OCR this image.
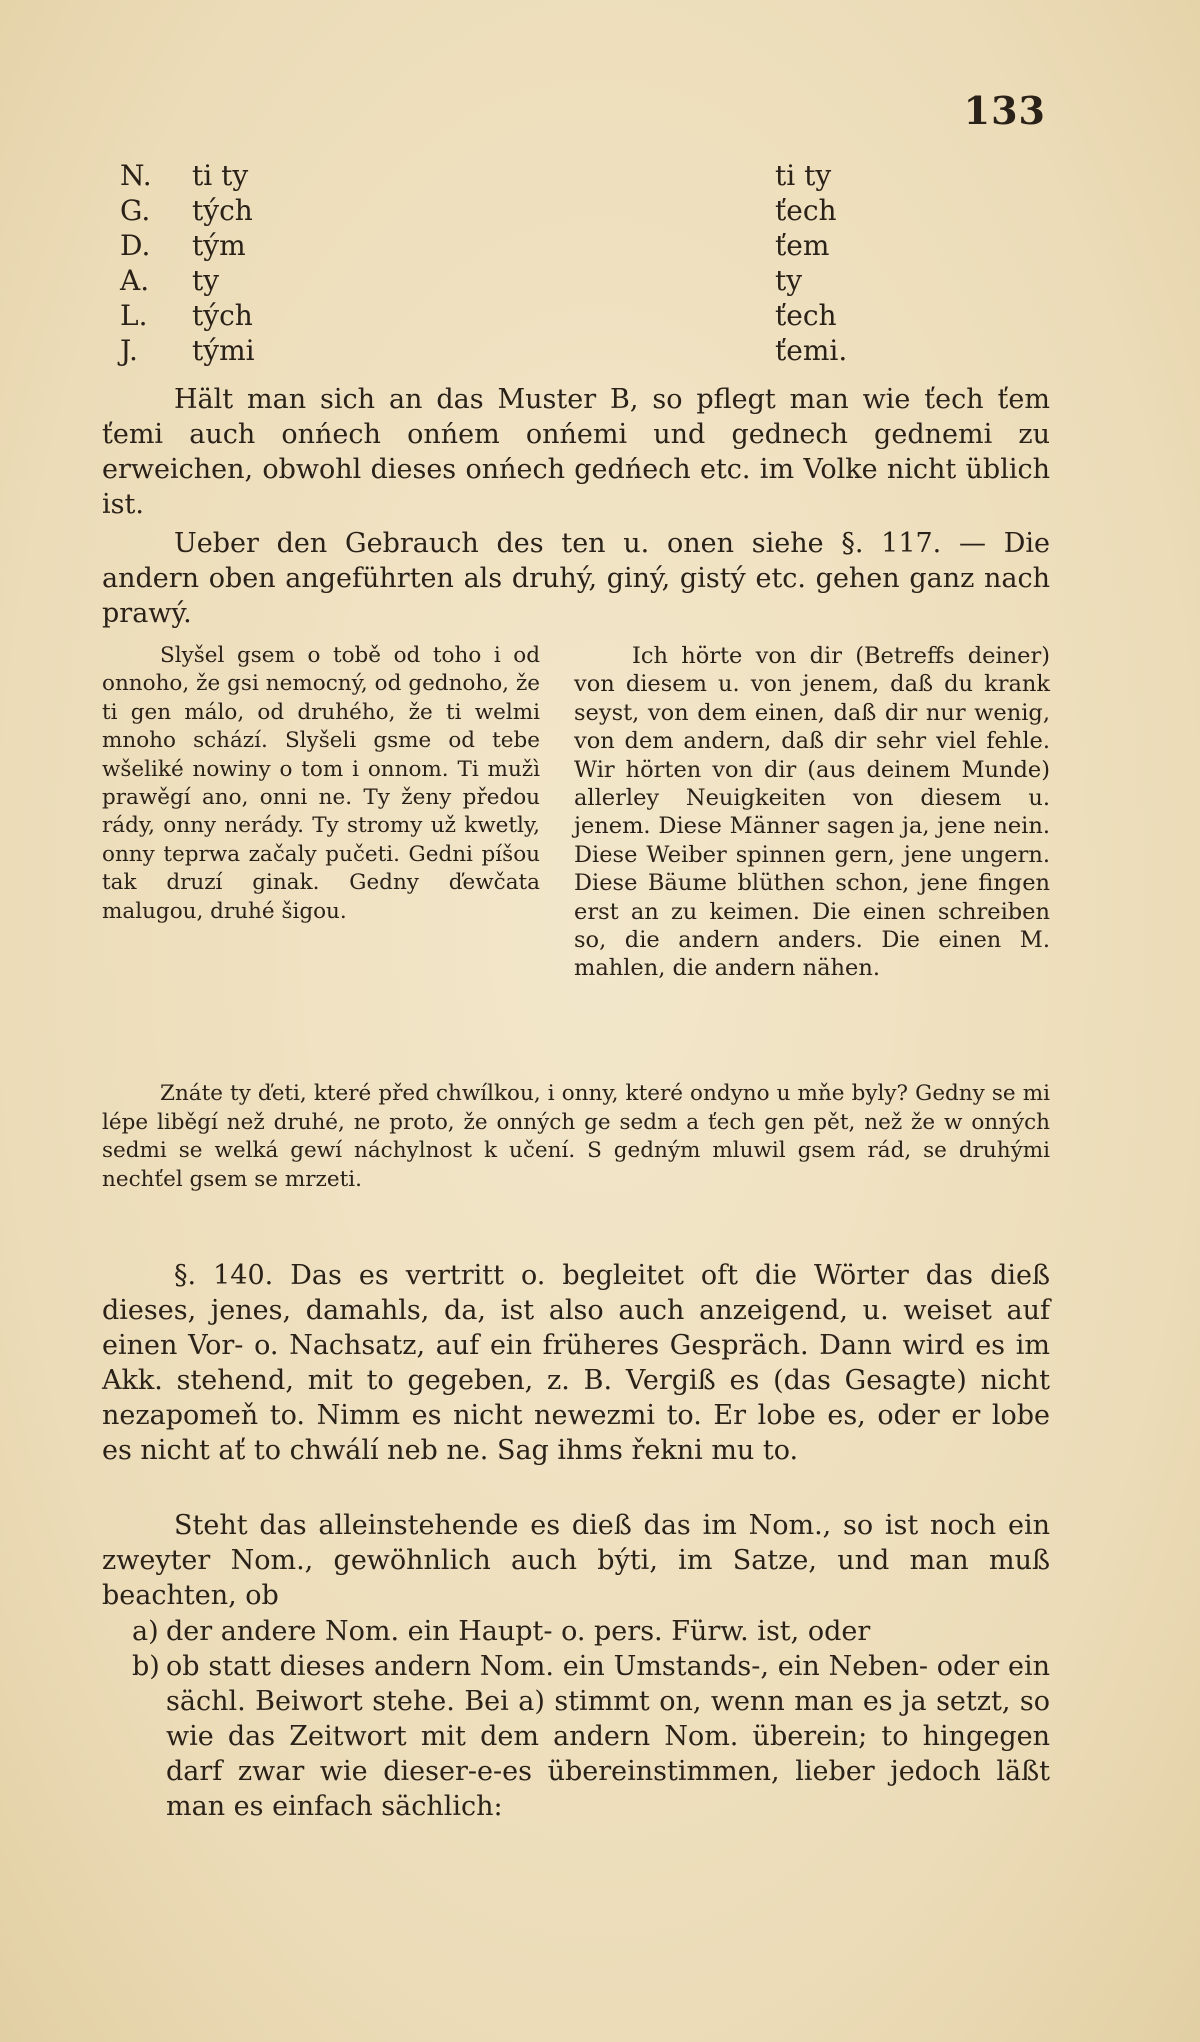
133
N. ti ty	ti ty
G.	tých	ťech
D.	tým	ťem
A.	ty	ty
L.	tých	ťech
J.	tými	ťemi.
Hält man sich an das Muster B, so pflegt man wie ťech ťem ťemi auch onńech onńem onńemi und gednech gednemi zu erweichen, obwohl dieses onńech gedńech etc. im Volke nicht üblich ist.
Ueber den Gebrauch des ten u. onen siehe §. 117. — Die andern oben angeführten als druhý, giný, gistý etc. gehen ganz nach prawý.

Slyšel gsem o tobě od toho i od onnoho, že gsi nemocný, od gednoho, že ti gen málo, od druhého, že ti welmi mnoho schází. Slyšeli gsme od tebe wšeliké nowiny o tom i onnom. Ti mužì prawěgí ano, onni ne. Ty ženy předou rády, onny nerády. Ty stromy už kwetly, onny teprwa začaly pučeti. Gedni píšou tak druzí ginak. Gedny ďewčata malugou, druhé šigou.

Ich hörte von dir (Betreffs deiner) von diesem u. von jenem, daß du krank seyst, von dem einen, daß dir nur wenig, von dem andern, daß dir sehr viel fehle. Wir hörten von dir (aus deinem Munde) allerley Neuigkeiten von diesem u. jenem. Diese Männer sagen ja, jene nein. Diese Weiber spinnen gern, jene ungern. Diese Bäume blüthen schon, jene fingen erst an zu keimen. Die einen schreiben so, die andern anders. Die einen M. mahlen, die andern nähen.

Znáte ty ďeti, které před chwílkou, i onny, které ondyno u mňe byly? Gedny se mi lépe liběgí než druhé, ne proto, že onných ge sedm a ťech gen pět, než že w onných sedmi se welká gewí náchylnost k učení. S gedným mluwil gsem rád, se druhými nechťel gsem se mrzeti.
§. 140. Das es vertritt o. begleitet oft die Wörter das dieß dieses, jenes, damahls, da, ist also auch anzeigend, u. weiset auf einen Vor- o. Nachsatz, auf ein früheres Gespräch. Dann wird es im Akk. stehend, mit to gegeben, z. B. Vergiß es (das Gesagte) nicht nezapomeň to. Nimm es nicht newezmi to. Er lobe es, oder er lobe es nicht ať to chwálí neb ne. Sag ihms řekni mu to.
Steht das alleinstehende es dieß das im Nom., so ist noch ein zweyter Nom., gewöhnlich auch býti, im Satze, und man muß beachten, ob
a) der andere Nom. ein Haupt- o. pers. Fürw. ist, oder
b) ob statt dieses andern Nom. ein Umstands-, ein Neben- oder ein sächl. Beiwort stehe. Bei a) stimmt on, wenn man es ja setzt, so wie das Zeitwort mit dem andern Nom. überein; to hingegen darf zwar wie dieser-e-es übereinstimmen, lieber jedoch läßt man es einfach sächlich:
